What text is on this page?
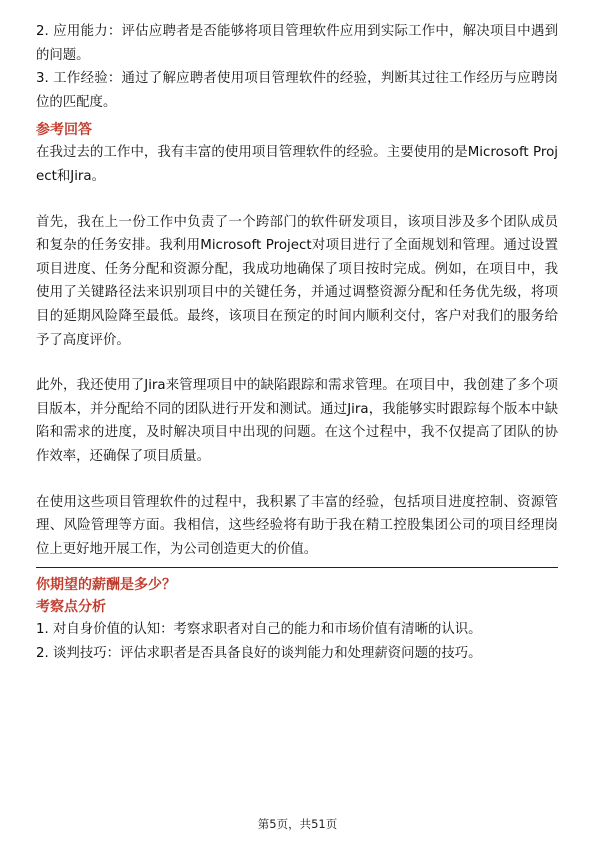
2. 应用能力：评估应聘者是否能够将项目管理软件应用到实际工作中，解决项目中遇到的问题。

3. 工作经验：通过了解应聘者使用项目管理软件的经验，判断其过往工作经历与应聘岗位的匹配度。

参考回答

在我过去的工作中，我有丰富的使用项目管理软件的经验。主要使用的是Microsoft Project和Jira。

首先，我在上一份工作中负责了一个跨部门的软件研发项目，该项目涉及多个团队成员和复杂的任务安排。我利用Microsoft Project对项目进行了全面规划和管理。通过设置项目进度、任务分配和资源分配，我成功地确保了项目按时完成。例如，在项目中，我使用了关键路径法来识别项目中的关键任务，并通过调整资源分配和任务优先级，将项目的延期风险降至最低。最终，该项目在预定的时间内顺利交付，客户对我们的服务给予了高度评价。

此外，我还使用了Jira来管理项目中的缺陷跟踪和需求管理。在项目中，我创建了多个项目版本，并分配给不同的团队进行开发和测试。通过Jira，我能够实时跟踪每个版本中缺陷和需求的进度，及时解决项目中出现的问题。在这个过程中，我不仅提高了团队的协作效率，还确保了项目质量。

在使用这些项目管理软件的过程中，我积累了丰富的经验，包括项目进度控制、资源管理、风险管理等方面。我相信，这些经验将有助于我在精工控股集团公司的项目经理岗位上更好地开展工作，为公司创造更大的价值。

你期望的薪酬是多少？

考察点分析

1. 对自身价值的认知：考察求职者对自己的能力和市场价值有清晰的认识。

2. 谈判技巧：评估求职者是否具备良好的谈判能力和处理薪资问题的技巧。

第5页，共51页
